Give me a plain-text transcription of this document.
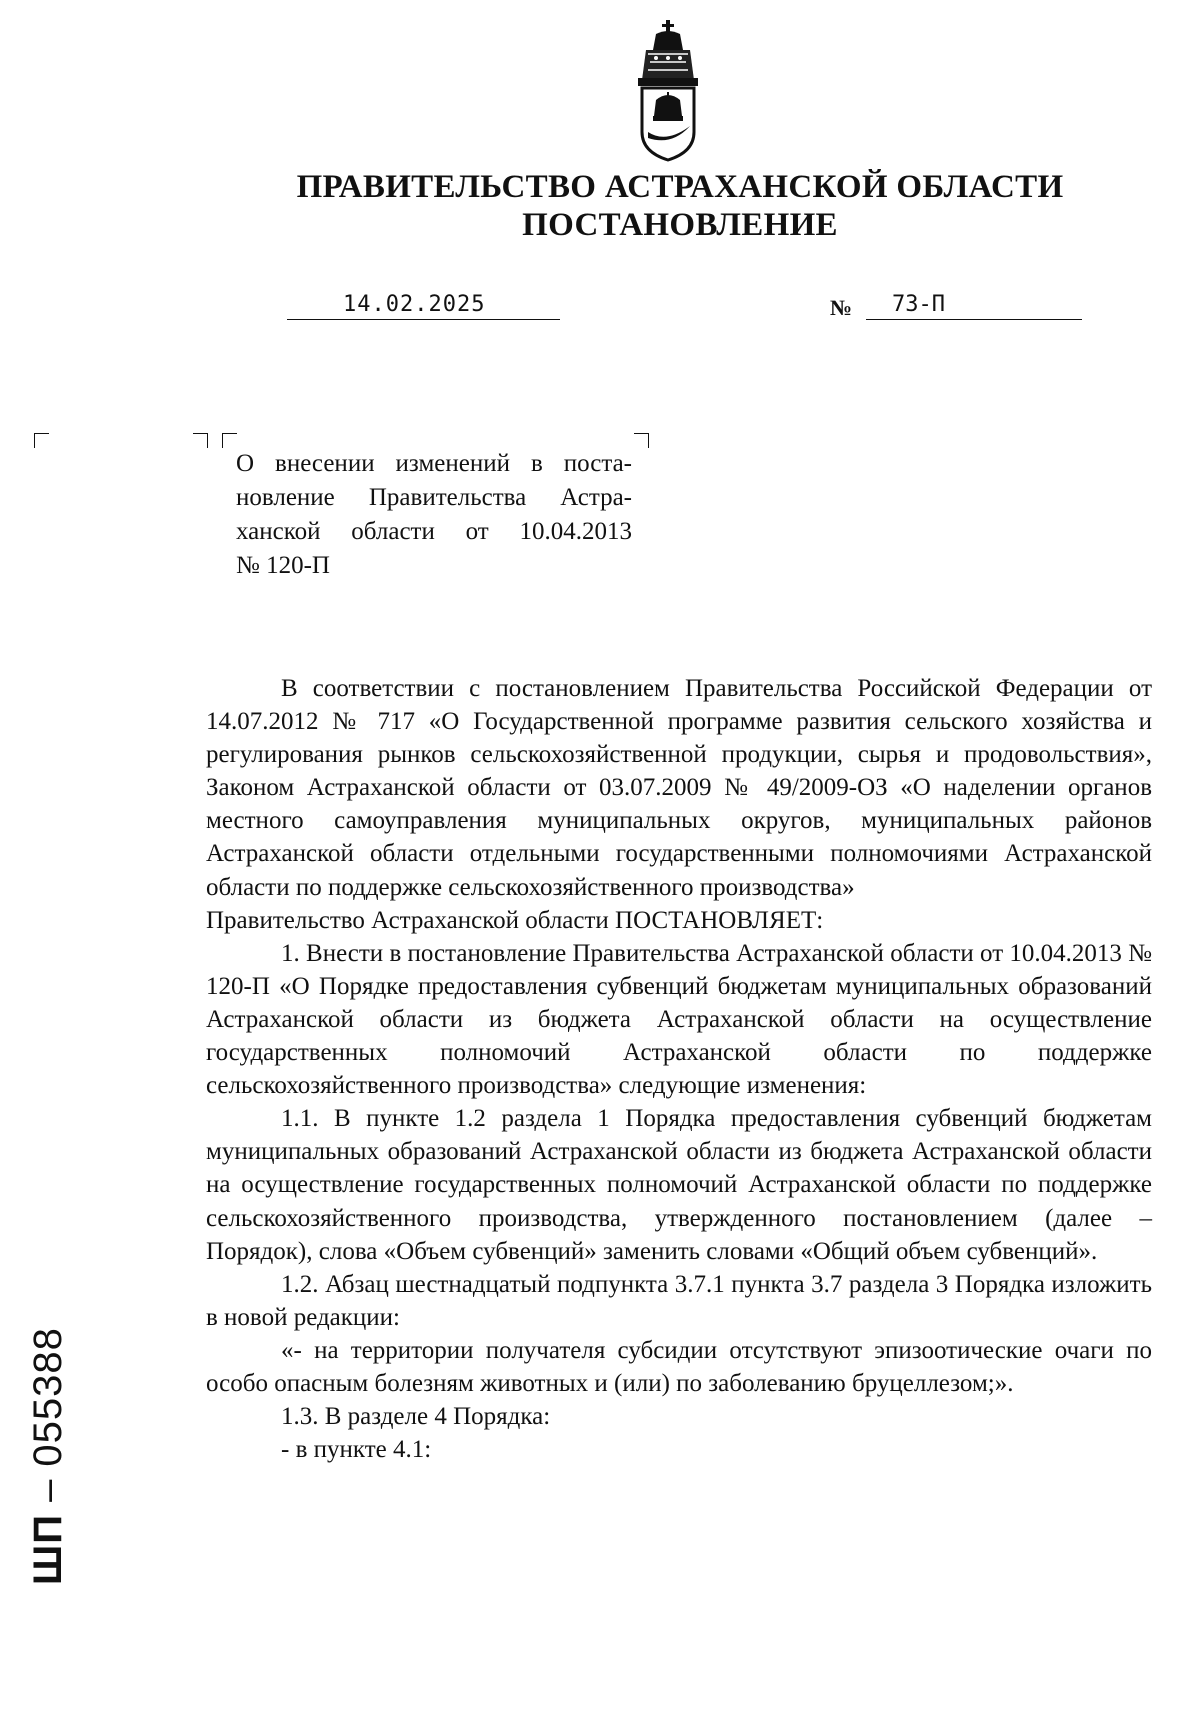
ПРАВИТЕЛЬСТВО АСТРАХАНСКОЙ ОБЛАСТИ
ПОСТАНОВЛЕНИЕ
14.02.2025	№ 73-П
О внесении изменений в поста-
новление Правительства Астра-
ханской области от 10.04.2013
№ 120-П

В соответствии с постановлением Правительства Российской Федерации от 14.07.2012 № 717 «О Государственной программе развития сельского хозяйства и регулирования рынков сельскохозяйственной продукции, сырья и продовольствия», Законом Астраханской области от 03.07.2009 № 49/2009-ОЗ «О наделении органов местного самоуправления муниципальных округов, муниципальных районов Астраханской области отдельными государственными полномочиями Астраханской области по поддержке сельскохозяйственного производства»

Правительство Астраханской области ПОСТАНОВЛЯЕТ:

1. Внести в постановление Правительства Астраханской области от 10.04.2013 № 120-П «О Порядке предоставления субвенций бюджетам муниципальных образований Астраханской области из бюджета Астраханской области на осуществление государственных полномочий Астраханской области по поддержке сельскохозяйственного производства» следующие изменения:

1.1. В пункте 1.2 раздела 1 Порядка предоставления субвенций бюджетам муниципальных образований Астраханской области из бюджета Астраханской области на осуществление государственных полномочий Астраханской области по поддержке сельскохозяйственного производства, утвержденного постановлением (далее – Порядок), слова «Объем субвенций» заменить словами «Общий объем субвенций».

1.2. Абзац шестнадцатый подпункта 3.7.1 пункта 3.7 раздела 3 Порядка изложить в новой редакции:

«- на территории получателя субсидии отсутствуют эпизоотические очаги по особо опасным болезням животных и (или) по заболеванию бруцеллезом;».

1.3. В разделе 4 Порядка:

- в пункте 4.1:

ШП – 055388
